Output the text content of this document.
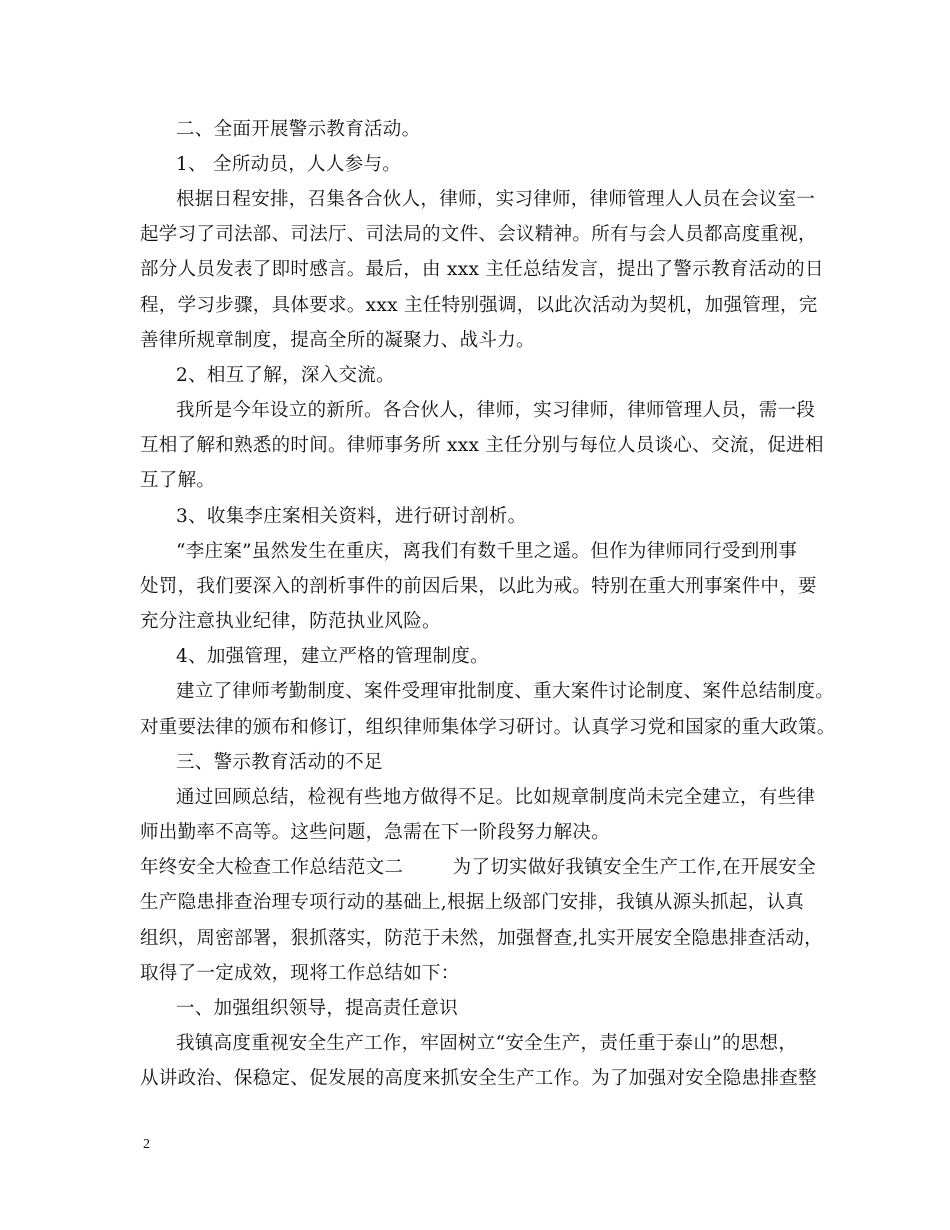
二、全面开展警示教育活动。
1、 全所动员，人人参与。
根据日程安排，召集各合伙人，律师，实习律师，律师管理人人员在会议室一
起学习了司法部、司法厅、司法局的文件、会议精神。所有与会人员都高度重视，
部分人员发表了即时感言。最后，由 xxx 主任总结发言，提出了警示教育活动的日
程，学习步骤，具体要求。xxx 主任特别强调，以此次活动为契机，加强管理，完
善律所规章制度，提高全所的凝聚力、战斗力。
2、相互了解，深入交流。
我所是今年设立的新所。各合伙人，律师，实习律师，律师管理人员，需一段
互相了解和熟悉的时间。律师事务所 xxx 主任分别与每位人员谈心、交流，促进相
互了解。
3、收集李庄案相关资料，进行研讨剖析。
“李庄案”虽然发生在重庆，离我们有数千里之遥。但作为律师同行受到刑事
处罚，我们要深入的剖析事件的前因后果，以此为戒。特别在重大刑事案件中，要
充分注意执业纪律，防范执业风险。
4、加强管理，建立严格的管理制度。
建立了律师考勤制度、案件受理审批制度、重大案件讨论制度、案件总结制度。
对重要法律的颁布和修订，组织律师集体学习研讨。认真学习党和国家的重大政策。
三、警示教育活动的不足
通过回顾总结，检视有些地方做得不足。比如规章制度尚未完全建立，有些律
师出勤率不高等。这些问题，急需在下一阶段努力解决。
年终安全大检查工作总结范文二        为了切实做好我镇安全生产工作,在开展安全
生产隐患排查治理专项行动的基础上,根据上级部门安排，我镇从源头抓起，认真
组织，周密部署，狠抓落实，防范于未然，加强督查,扎实开展安全隐患排查活动，
取得了一定成效，现将工作总结如下：
一、加强组织领导，提高责任意识
我镇高度重视安全生产工作，牢固树立“安全生产，责任重于泰山”的思想，
从讲政治、保稳定、促发展的高度来抓安全生产工作。为了加强对安全隐患排查整
2
